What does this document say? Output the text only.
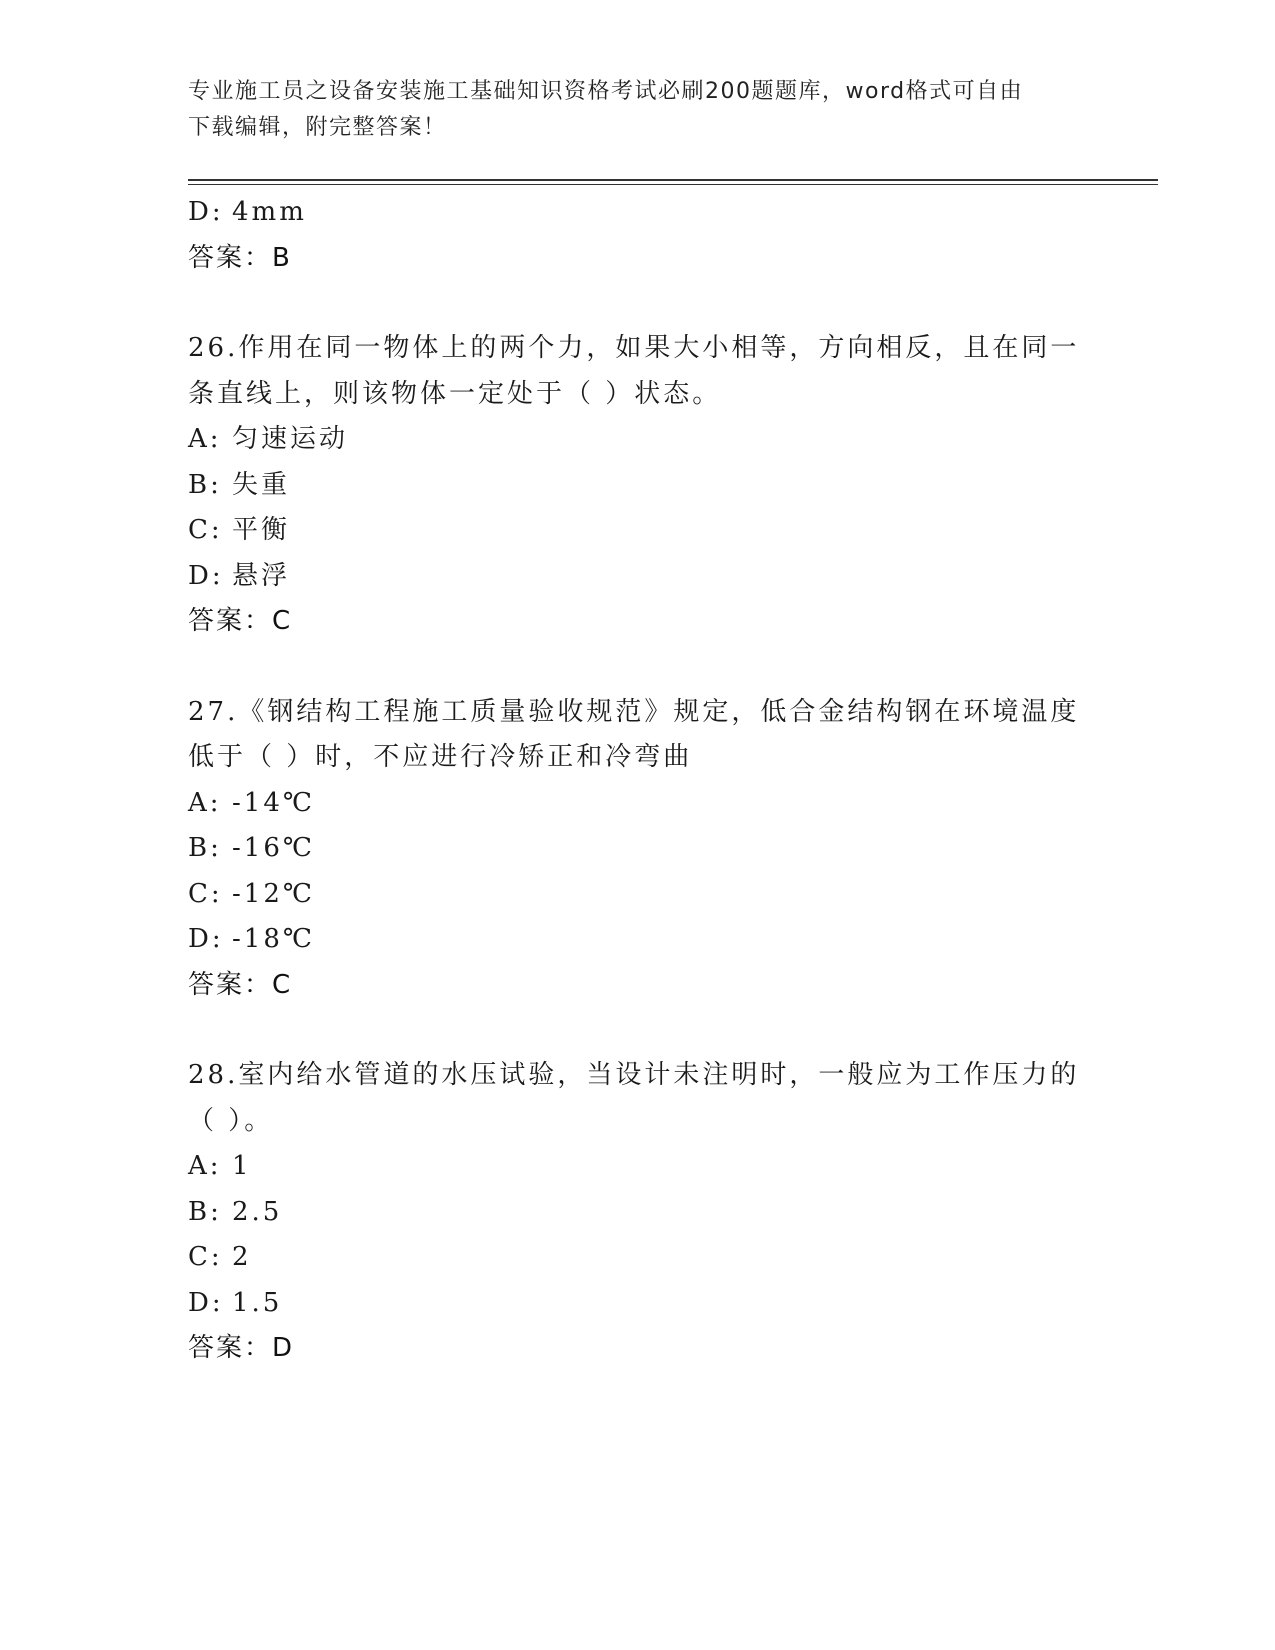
专业施工员之设备安装施工基础知识资格考试必刷200题题库，word格式可自由
下载编辑，附完整答案！
D: 4mm
答案：B
26.作用在同一物体上的两个力，如果大小相等，方向相反，且在同一
条直线上，则该物体一定处于（ ）状态。
A: 匀速运动
B: 失重
C: 平衡
D: 悬浮
答案：C
27.《钢结构工程施工质量验收规范》规定，低合金结构钢在环境温度
低于（ ）时，不应进行冷矫正和冷弯曲
A: -14℃
B: -16℃
C: -12℃
D: -18℃
答案：C
28.室内给水管道的水压试验，当设计未注明时，一般应为工作压力的
（ ）。
A: 1
B: 2.5
C: 2
D: 1.5
答案：D
